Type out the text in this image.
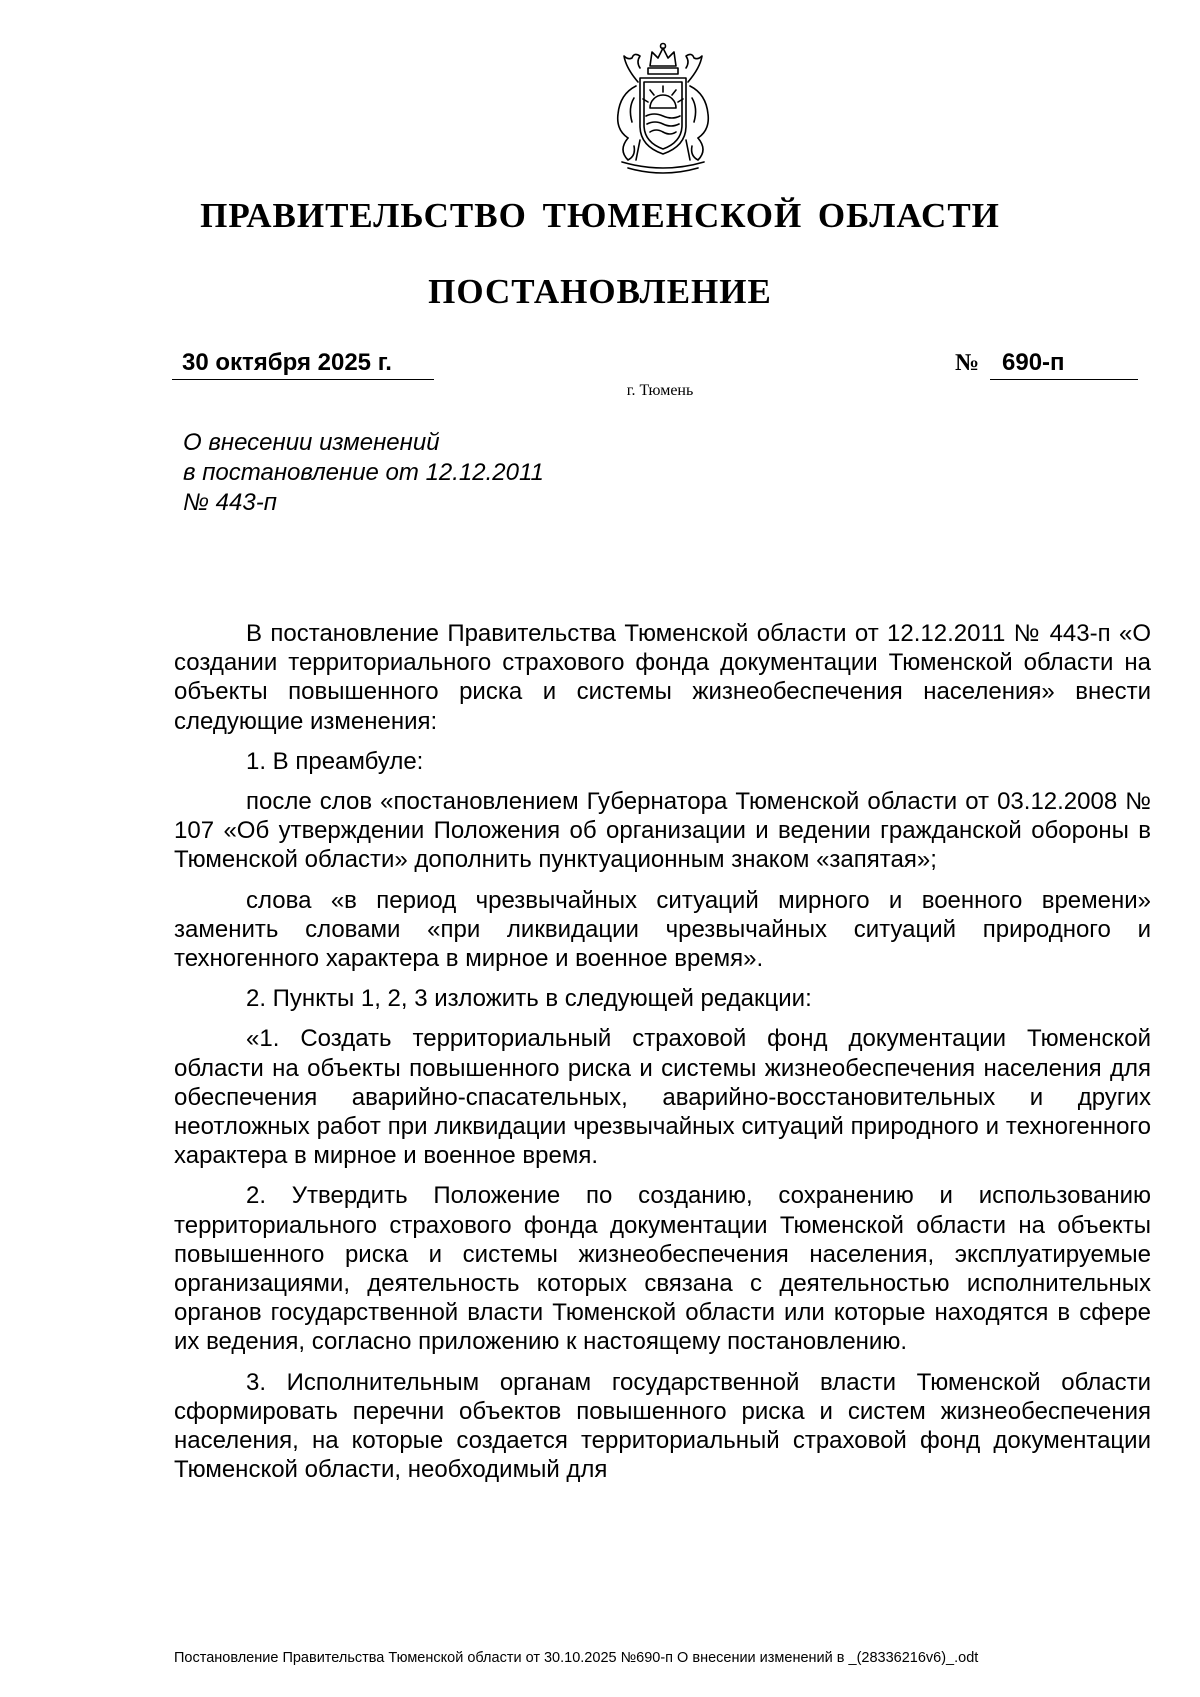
ПРАВИТЕЛЬСТВО ТЮМЕНСКОЙ ОБЛАСТИ
ПОСТАНОВЛЕНИЕ
30 октября 2025 г.	№ 690-п
г. Тюмень
О внесении изменений
в постановление от 12.12.2011
№ 443-п

В постановление Правительства Тюменской области от 12.12.2011 № 443-п «О создании территориального страхового фонда документации Тюменской области на объекты повышенного риска и системы жизнеобеспечения населения» внести следующие изменения:

1. В преамбуле:

после слов «постановлением Губернатора Тюменской области от 03.12.2008 № 107 «Об утверждении Положения об организации и ведении гражданской обороны в Тюменской области» дополнить пунктуационным знаком «запятая»;

слова «в период чрезвычайных ситуаций мирного и военного времени» заменить словами «при ликвидации чрезвычайных ситуаций природного и техногенного характера в мирное и военное время».

2. Пункты 1, 2, 3 изложить в следующей редакции:

«1. Создать территориальный страховой фонд документации Тюменской области на объекты повышенного риска и системы жизнеобеспечения населения для обеспечения аварийно-спасательных, аварийно-восстановительных и других неотложных работ при ликвидации чрезвычайных ситуаций природного и техногенного характера в мирное и военное время.

2. Утвердить Положение по созданию, сохранению и использованию территориального страхового фонда документации Тюменской области на объекты повышенного риска и системы жизнеобеспечения населения, эксплуатируемые организациями, деятельность которых связана с деятельностью исполнительных органов государственной власти Тюменской области или которые находятся в сфере их ведения, согласно приложению к настоящему постановлению.

3. Исполнительным органам государственной власти Тюменской области сформировать перечни объектов повышенного риска и систем жизнеобеспечения населения, на которые создается территориальный страховой фонд документации Тюменской области, необходимый для

Постановление Правительства Тюменской области от 30.10.2025 №690-п О внесении изменений в _(28336216v6)_.odt
